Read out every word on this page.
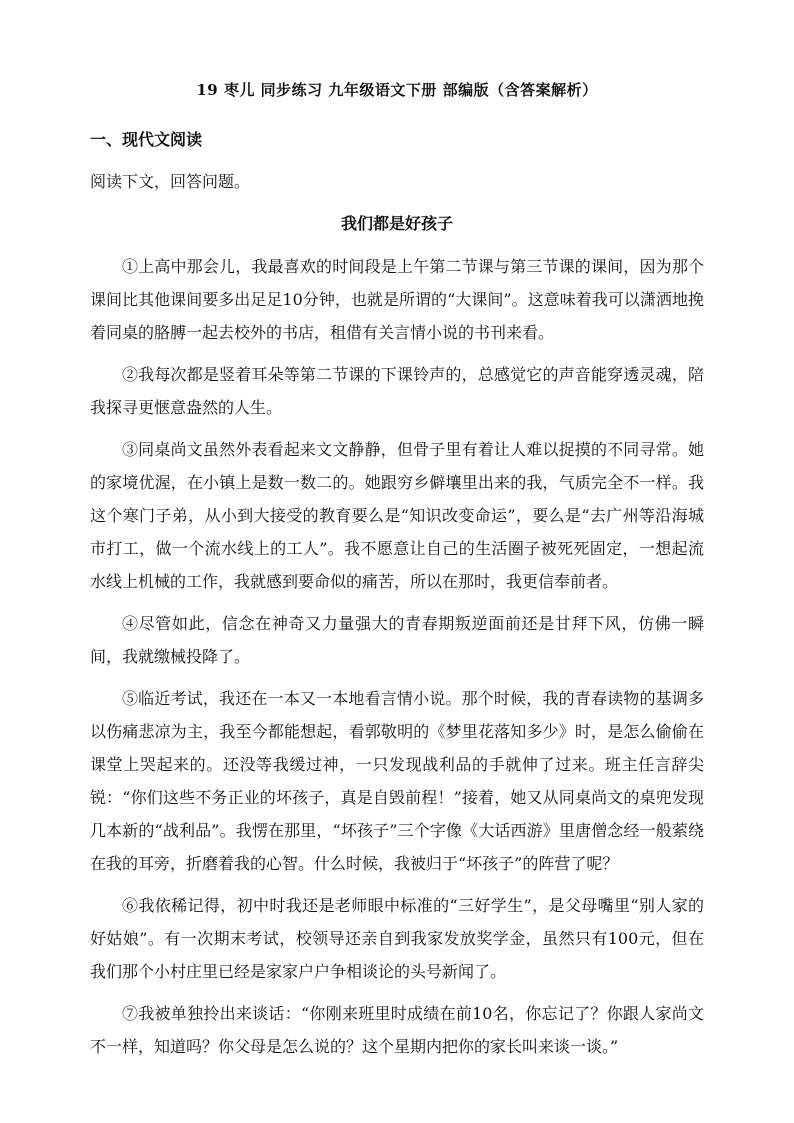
19 枣儿 同步练习 九年级语文下册 部编版（含答案解析）
一、现代文阅读

阅读下文，回答问题。

我们都是好孩子

①上高中那会儿，我最喜欢的时间段是上午第二节课与第三节课的课间，因为那个课间比其他课间要多出足足10分钟，也就是所谓的“大课间”。这意味着我可以潇洒地挽着同桌的胳膊一起去校外的书店，租借有关言情小说的书刊来看。

②我每次都是竖着耳朵等第二节课的下课铃声的，总感觉它的声音能穿透灵魂，陪我探寻更惬意盎然的人生。

③同桌尚文虽然外表看起来文文静静，但骨子里有着让人难以捉摸的不同寻常。她的家境优渥，在小镇上是数一数二的。她跟穷乡僻壤里出来的我，气质完全不一样。我这个寒门子弟，从小到大接受的教育要么是“知识改变命运”，要么是“去广州等沿海城市打工，做一个流水线上的工人”。我不愿意让自己的生活圈子被死死固定，一想起流水线上机械的工作，我就感到要命似的痛苦，所以在那时，我更信奉前者。

④尽管如此，信念在神奇又力量强大的青春期叛逆面前还是甘拜下风，仿佛一瞬间，我就缴械投降了。

⑤临近考试，我还在一本又一本地看言情小说。那个时候，我的青春读物的基调多以伤痛悲凉为主，我至今都能想起，看郭敬明的《梦里花落知多少》时，是怎么偷偷在课堂上哭起来的。还没等我缓过神，一只发现战利品的手就伸了过来。班主任言辞尖锐：“你们这些不务正业的坏孩子，真是自毁前程！”接着，她又从同桌尚文的桌兜发现几本新的“战利品”。我愣在那里，“坏孩子”三个字像《大话西游》里唐僧念经一般萦绕在我的耳旁，折磨着我的心智。什么时候，我被归于“坏孩子”的阵营了呢？

⑥我依稀记得，初中时我还是老师眼中标准的“三好学生”，是父母嘴里“别人家的好姑娘”。有一次期末考试，校领导还亲自到我家发放奖学金，虽然只有100元，但在我们那个小村庄里已经是家家户户争相谈论的头号新闻了。

⑦我被单独拎出来谈话：“你刚来班里时成绩在前10名，你忘记了？你跟人家尚文不一样，知道吗？你父母是怎么说的？这个星期内把你的家长叫来谈一谈。”
